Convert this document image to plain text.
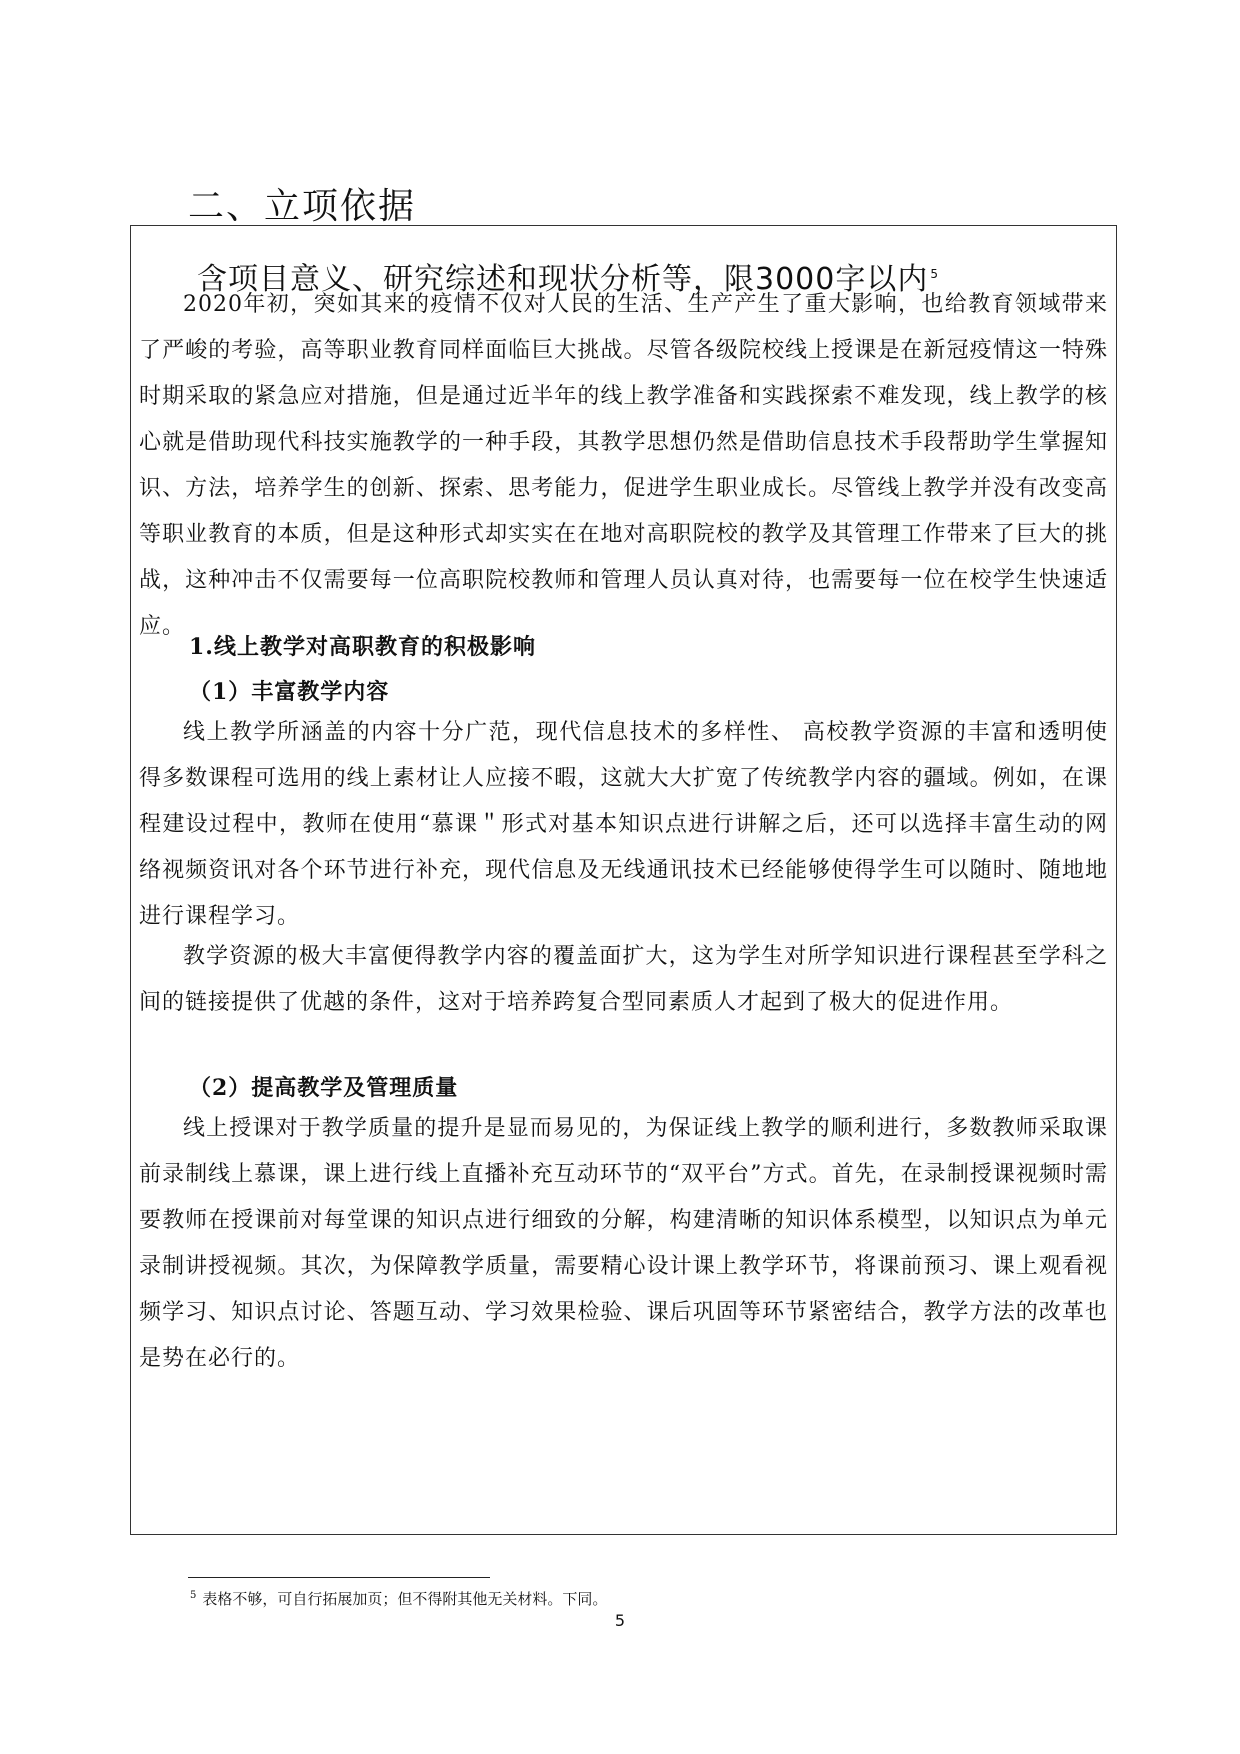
二、立项依据
含项目意义、研究综述和现状分析等，限3000字以内 $^5$
2020年初，突如其来的疫情不仅对人民的生活、生产产生了重大影响，也给教育领域带来了严峻的考验，高等职业教育同样面临巨大挑战。尽管各级院校线上授课是在新冠疫情这一特殊时期采取的紧急应对措施，但是通过近半年的线上教学准备和实践探索不难发现，线上教学的核心就是借助现代科技实施教学的一种手段，其教学思想仍然是借助信息技术手段帮助学生掌握知识、方法，培养学生的创新、探索、思考能力，促进学生职业成长。尽管线上教学并没有改变高等职业教育的本质，但是这种形式却实实在在地对高职院校的教学及其管理工作带来了巨大的挑战，这种冲击不仅需要每一位高职院校教师和管理人员认真对待，也需要每一位在校学生快速适应。
1.线上教学对高职教育的积极影响
（1）丰富教学内容
线上教学所涵盖的内容十分广范，现代信息技术的多样性、 高校教学资源的丰富和透明使得多数课程可选用的线上素材让人应接不暇，这就大大扩宽了传统教学内容的疆域。例如，在课程建设过程中，教师在使用“慕课＂形式对基本知识点进行讲解之后，还可以选择丰富生动的网络视频资讯对各个环节进行补充，现代信息及无线通讯技术已经能够使得学生可以随时、随地地进行课程学习。
教学资源的极大丰富便得教学内容的覆盖面扩大，这为学生对所学知识进行课程甚至学科之间的链接提供了优越的条件，这对于培养跨复合型同素质人才起到了极大的促进作用。
（2）提高教学及管理质量
线上授课对于教学质量的提升是显而易见的，为保证线上教学的顺利进行，多数教师采取课前录制线上慕课，课上进行线上直播补充互动环节的“双平台”方式。首先，在录制授课视频时需要教师在授课前对每堂课的知识点进行细致的分解，构建清晰的知识体系模型，以知识点为单元录制讲授视频。其次，为保障教学质量，需要精心设计课上教学环节，将课前预习、课上观看视频学习、知识点讨论、答题互动、学习效果检验、课后巩固等环节紧密结合，教学方法的改革也是势在必行的。
$^5$ 表格不够，可自行拓展加页；但不得附其他无关材料。下同。
5
